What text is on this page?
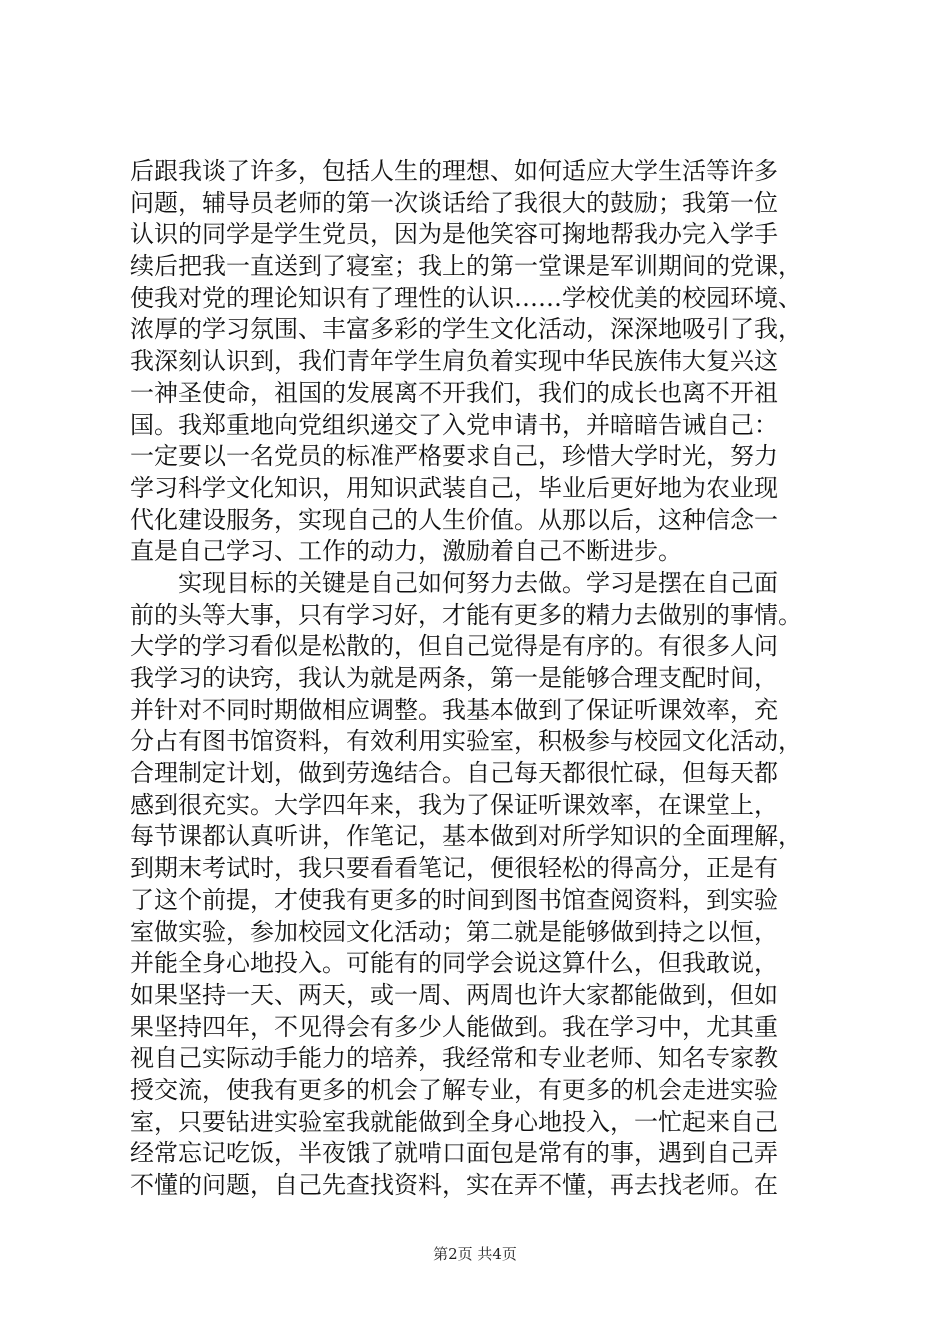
后跟我谈了许多，包括人生的理想、如何适应大学生活等许多
问题，辅导员老师的第一次谈话给了我很大的鼓励；我第一位
认识的同学是学生党员，因为是他笑容可掬地帮我办完入学手
续后把我一直送到了寝室；我上的第一堂课是军训期间的党课，
使我对党的理论知识有了理性的认识……学校优美的校园环境、
浓厚的学习氛围、丰富多彩的学生文化活动，深深地吸引了我，
我深刻认识到，我们青年学生肩负着实现中华民族伟大复兴这
一神圣使命，祖国的发展离不开我们，我们的成长也离不开祖
国。我郑重地向党组织递交了入党申请书，并暗暗告诫自己：
一定要以一名党员的标准严格要求自己，珍惜大学时光，努力
学习科学文化知识，用知识武装自己，毕业后更好地为农业现
代化建设服务，实现自己的人生价值。从那以后，这种信念一
直是自己学习、工作的动力，激励着自己不断进步。
实现目标的关键是自己如何努力去做。学习是摆在自己面
前的头等大事，只有学习好，才能有更多的精力去做别的事情。
大学的学习看似是松散的，但自己觉得是有序的。有很多人问
我学习的诀窍，我认为就是两条，第一是能够合理支配时间，
并针对不同时期做相应调整。我基本做到了保证听课效率，充
分占有图书馆资料，有效利用实验室，积极参与校园文化活动，
合理制定计划，做到劳逸结合。自己每天都很忙碌，但每天都
感到很充实。大学四年来，我为了保证听课效率，在课堂上，
每节课都认真听讲，作笔记，基本做到对所学知识的全面理解，
到期末考试时，我只要看看笔记，便很轻松的得高分，正是有
了这个前提，才使我有更多的时间到图书馆查阅资料，到实验
室做实验，参加校园文化活动；第二就是能够做到持之以恒，
并能全身心地投入。可能有的同学会说这算什么，但我敢说，
如果坚持一天、两天，或一周、两周也许大家都能做到，但如
果坚持四年，不见得会有多少人能做到。我在学习中，尤其重
视自己实际动手能力的培养，我经常和专业老师、知名专家教
授交流，使我有更多的机会了解专业，有更多的机会走进实验
室，只要钻进实验室我就能做到全身心地投入，一忙起来自己
经常忘记吃饭，半夜饿了就啃口面包是常有的事，遇到自己弄
不懂的问题，自己先查找资料，实在弄不懂，再去找老师。在
第2页 共4页
